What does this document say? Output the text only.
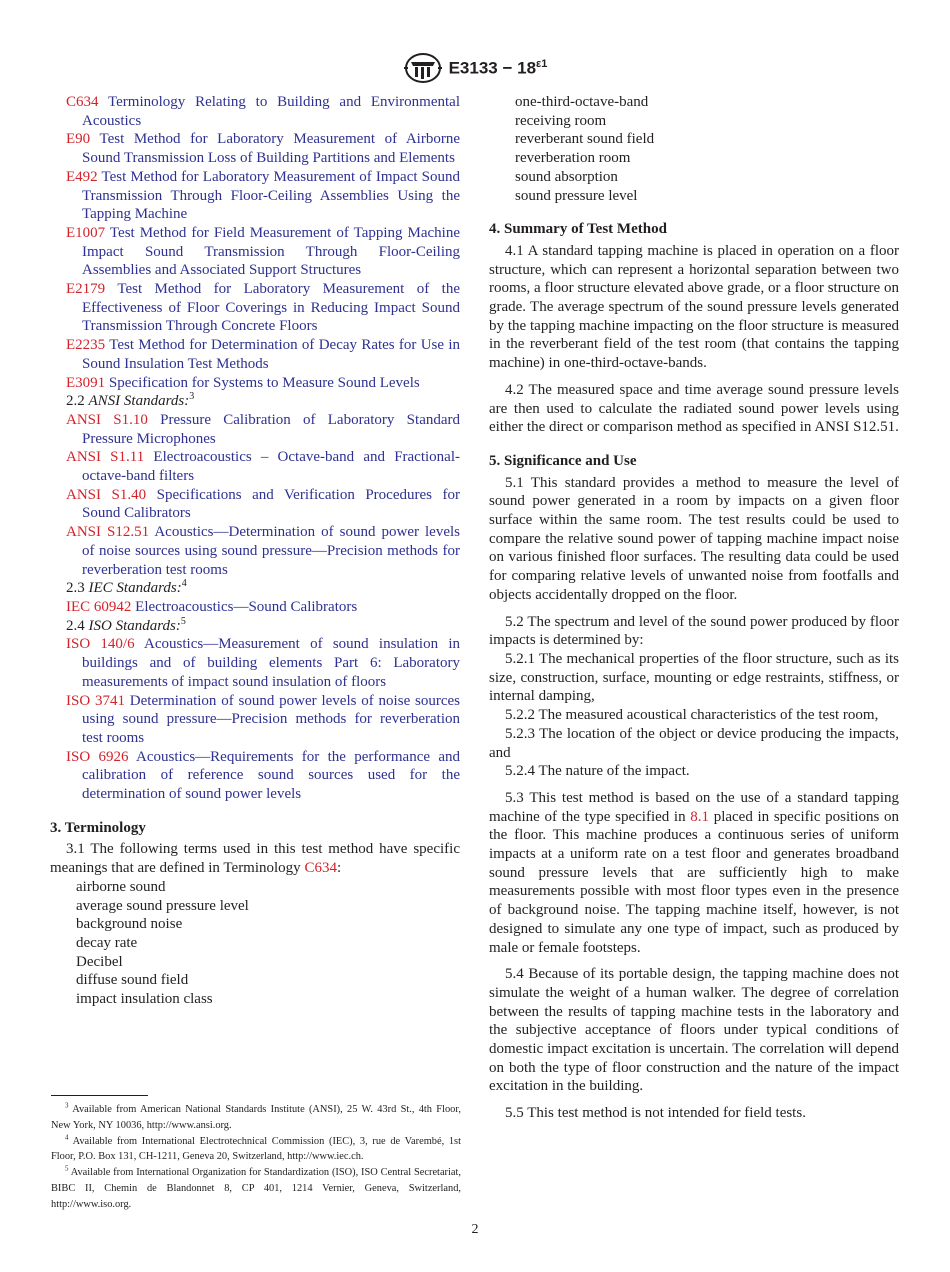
$E3133 - 18^{\varepsilon 1}$
C634 Terminology Relating to Building and Environmental Acoustics
E90 Test Method for Laboratory Measurement of Airborne Sound Transmission Loss of Building Partitions and Elements
E492 Test Method for Laboratory Measurement of Impact Sound Transmission Through Floor-Ceiling Assemblies Using the Tapping Machine
E1007 Test Method for Field Measurement of Tapping Machine Impact Sound Transmission Through Floor-Ceiling Assemblies and Associated Support Structures
E2179 Test Method for Laboratory Measurement of the Effectiveness of Floor Coverings in Reducing Impact Sound Transmission Through Concrete Floors
E2235 Test Method for Determination of Decay Rates for Use in Sound Insulation Test Methods
E3091 Specification for Systems to Measure Sound Levels
2.2 ANSI Standards:$^3$
ANSI S1.10 Pressure Calibration of Laboratory Standard Pressure Microphones
ANSI S1.11 Electroacoustics – Octave-band and Fractional-octave-band filters
ANSI S1.40 Specifications and Verification Procedures for Sound Calibrators
ANSI S12.51 Acoustics—Determination of sound power levels of noise sources using sound pressure—Precision methods for reverberation test rooms
2.3 IEC Standards:$^4$
IEC 60942 Electroacoustics—Sound Calibrators
2.4 ISO Standards:$^5$
ISO 140/6 Acoustics—Measurement of sound insulation in buildings and of building elements Part 6: Laboratory measurements of impact sound insulation of floors
ISO 3741 Determination of sound power levels of noise sources using sound pressure—Precision methods for reverberation test rooms
ISO 6926 Acoustics—Requirements for the performance and calibration of reference sound sources used for the determination of sound power levels
3. Terminology

3.1 The following terms used in this test method have specific meanings that are defined in Terminology C634:

airborne sound
average sound pressure level
background noise
decay rate
Decibel
diffuse sound field
impact insulation class
$^3$ Available from American National Standards Institute (ANSI), 25 W. 43rd St., 4th Floor, New York, NY 10036, http://www.ansi.org.
$^4$ Available from International Electrotechnical Commission (IEC), 3, rue de Varembé, 1st Floor, P.O. Box 131, CH-1211, Geneva 20, Switzerland, http://www.iec.ch.
$^5$ Available from International Organization for Standardization (ISO), ISO Central Secretariat, BIBC II, Chemin de Blandonnet 8, CP 401, 1214 Vernier, Geneva, Switzerland, http://www.iso.org.
one-third-octave-band
receiving room
reverberant sound field
reverberation room
sound absorption
sound pressure level
4. Summary of Test Method

4.1 A standard tapping machine is placed in operation on a floor structure, which can represent a horizontal separation between two rooms, a floor structure elevated above grade, or a floor structure on grade. The average spectrum of the sound pressure levels generated by the tapping machine impacting on the floor structure is measured in the reverberant field of the test room (that contains the tapping machine) in one-third-octave-bands.

4.2 The measured space and time average sound pressure levels are then used to calculate the radiated sound power levels using either the direct or comparison method as specified in ANSI S12.51.

5. Significance and Use

5.1 This standard provides a method to measure the level of sound power generated in a room by impacts on a given floor surface within the same room. The test results could be used to compare the relative sound power of tapping machine impact noise on various finished floor surfaces. The resulting data could be used for comparing relative levels of unwanted noise from footfalls and objects accidentally dropped on the floor.

5.2 The spectrum and level of the sound power produced by floor impacts is determined by:

5.2.1 The mechanical properties of the floor structure, such as its size, construction, surface, mounting or edge restraints, stiffness, or internal damping,

5.2.2 The measured acoustical characteristics of the test room,

5.2.3 The location of the object or device producing the impacts, and

5.2.4 The nature of the impact.

5.3 This test method is based on the use of a standard tapping machine of the type specified in 8.1 placed in specific positions on the floor. This machine produces a continuous series of uniform impacts at a uniform rate on a test floor and generates broadband sound pressure levels that are sufficiently high to make measurements possible with most floor types even in the presence of background noise. The tapping machine itself, however, is not designed to simulate any one type of impact, such as produced by male or female footsteps.

5.4 Because of its portable design, the tapping machine does not simulate the weight of a human walker. The degree of correlation between the results of tapping machine tests in the laboratory and the subjective acceptance of floors under typical conditions of domestic impact excitation is uncertain. The correlation will depend on both the type of floor construction and the nature of the impact excitation in the building.

5.5 This test method is not intended for field tests.

2
